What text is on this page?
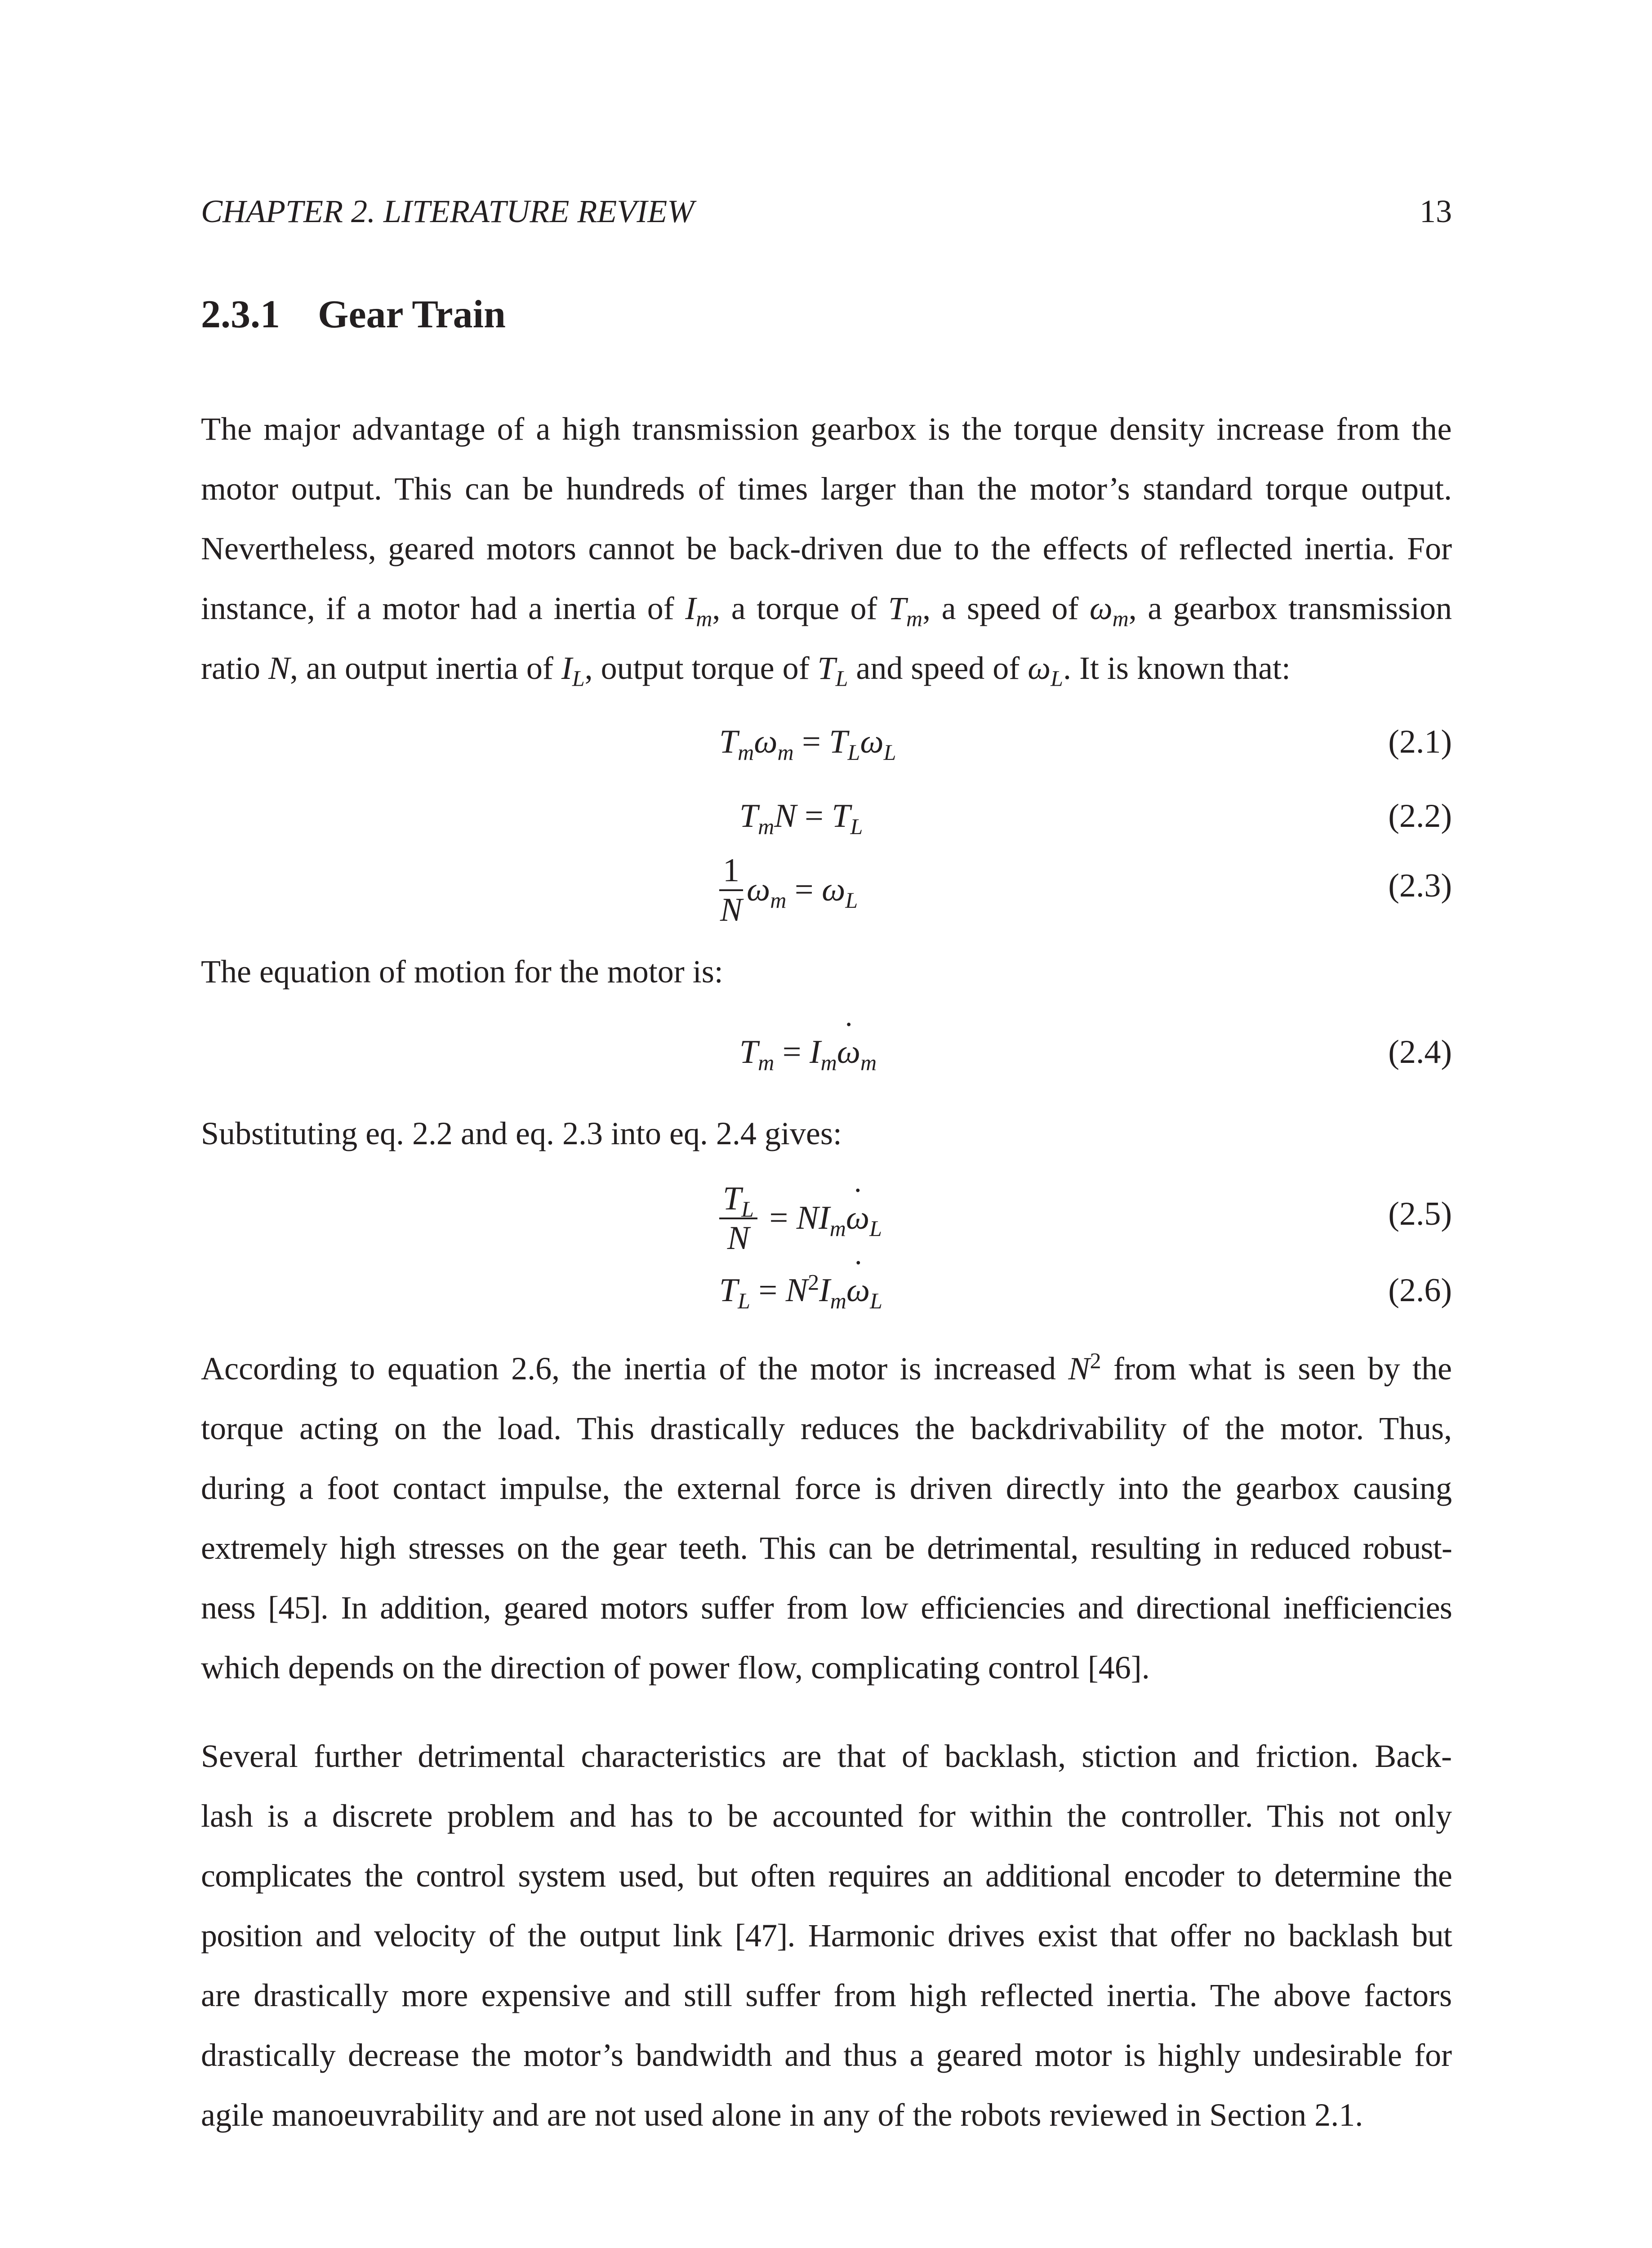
CHAPTER 2. LITERATURE REVIEW	13
2.3.1 Gear Train
The major advantage of a high transmission gearbox is the torque density increase from the
motor output. This can be hundreds of times larger than the motor’s standard torque output.
Nevertheless, geared motors cannot be back-driven due to the effects of reflected inertia. For
instance, if a motor had a inertia of $I_m$, a torque of $T_m$, a speed of $\omega_m$, a gearbox transmission
ratio N, an output inertia of $I_L$, output torque of $T_L$ and speed of $\omega_L$. It is known that:
$T_m\omega_m = T_L\omega_L$	(2.1)
$T_mN = T_L$	(2.2)
$\frac{1}{N} \omega_m = \omega_L$	(2.3)
The equation of motion for the motor is:
$T_m = I_m\omega$ $˙_m$	(2.4)
Substituting eq. 2.2 and eq. 2.3 into eq. 2.4 gives:
$\frac{T_L}{N} = NI_m\omega$ $˙_L$	(2.5)
$T_L = N^2I_m\omega$ $˙_L$	(2.6)
According to equation 2.6, the inertia of the motor is increased $N^2$ from what is seen by the
torque acting on the load. This drastically reduces the backdrivability of the motor. Thus,
during a foot contact impulse, the external force is driven directly into the gearbox causing
extremely high stresses on the gear teeth. This can be detrimental, resulting in reduced robust-
ness [45]. In addition, geared motors suffer from low efficiencies and directional inefficiencies
which depends on the direction of power flow, complicating control [46].
Several further detrimental characteristics are that of backlash, stiction and friction. Back-
lash is a discrete problem and has to be accounted for within the controller. This not only
complicates the control system used, but often requires an additional encoder to determine the
position and velocity of the output link [47]. Harmonic drives exist that offer no backlash but
are drastically more expensive and still suffer from high reflected inertia. The above factors
drastically decrease the motor’s bandwidth and thus a geared motor is highly undesirable for
agile manoeuvrability and are not used alone in any of the robots reviewed in Section 2.1.
